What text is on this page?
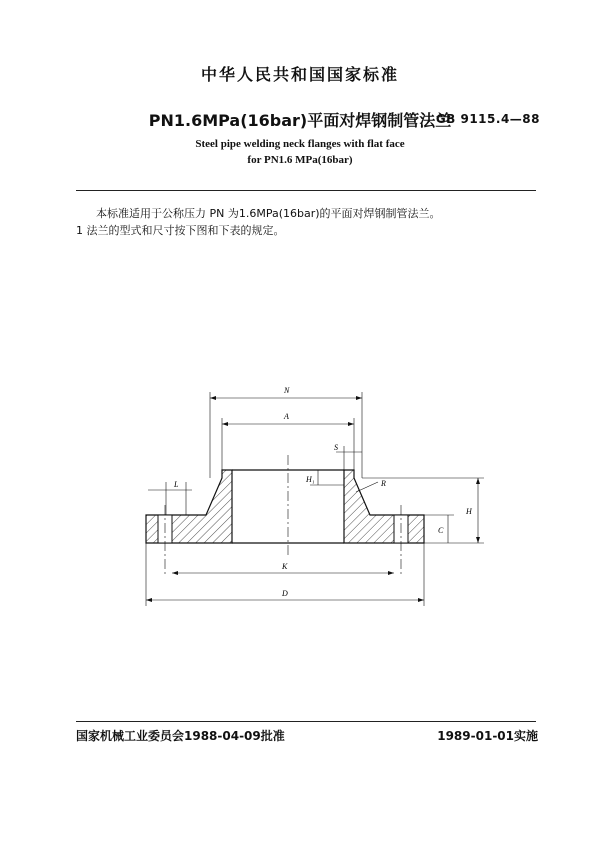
中华人民共和国国家标准
PN1.6MPa(16bar)平面对焊钢制管法兰
GB 9115.4—88
Steel pipe welding neck flanges with flat face
for PN1.6 MPa(16bar)
本标准适用于公称压力 PN 为1.6MPa(16bar)的平面对焊钢制管法兰。
1 法兰的型式和尺寸按下图和下表的规定。
N
A
S
H₁	R
L
H
C
K
D
国家机械工业委员会1988-04-09批准	1989-01-01实施
